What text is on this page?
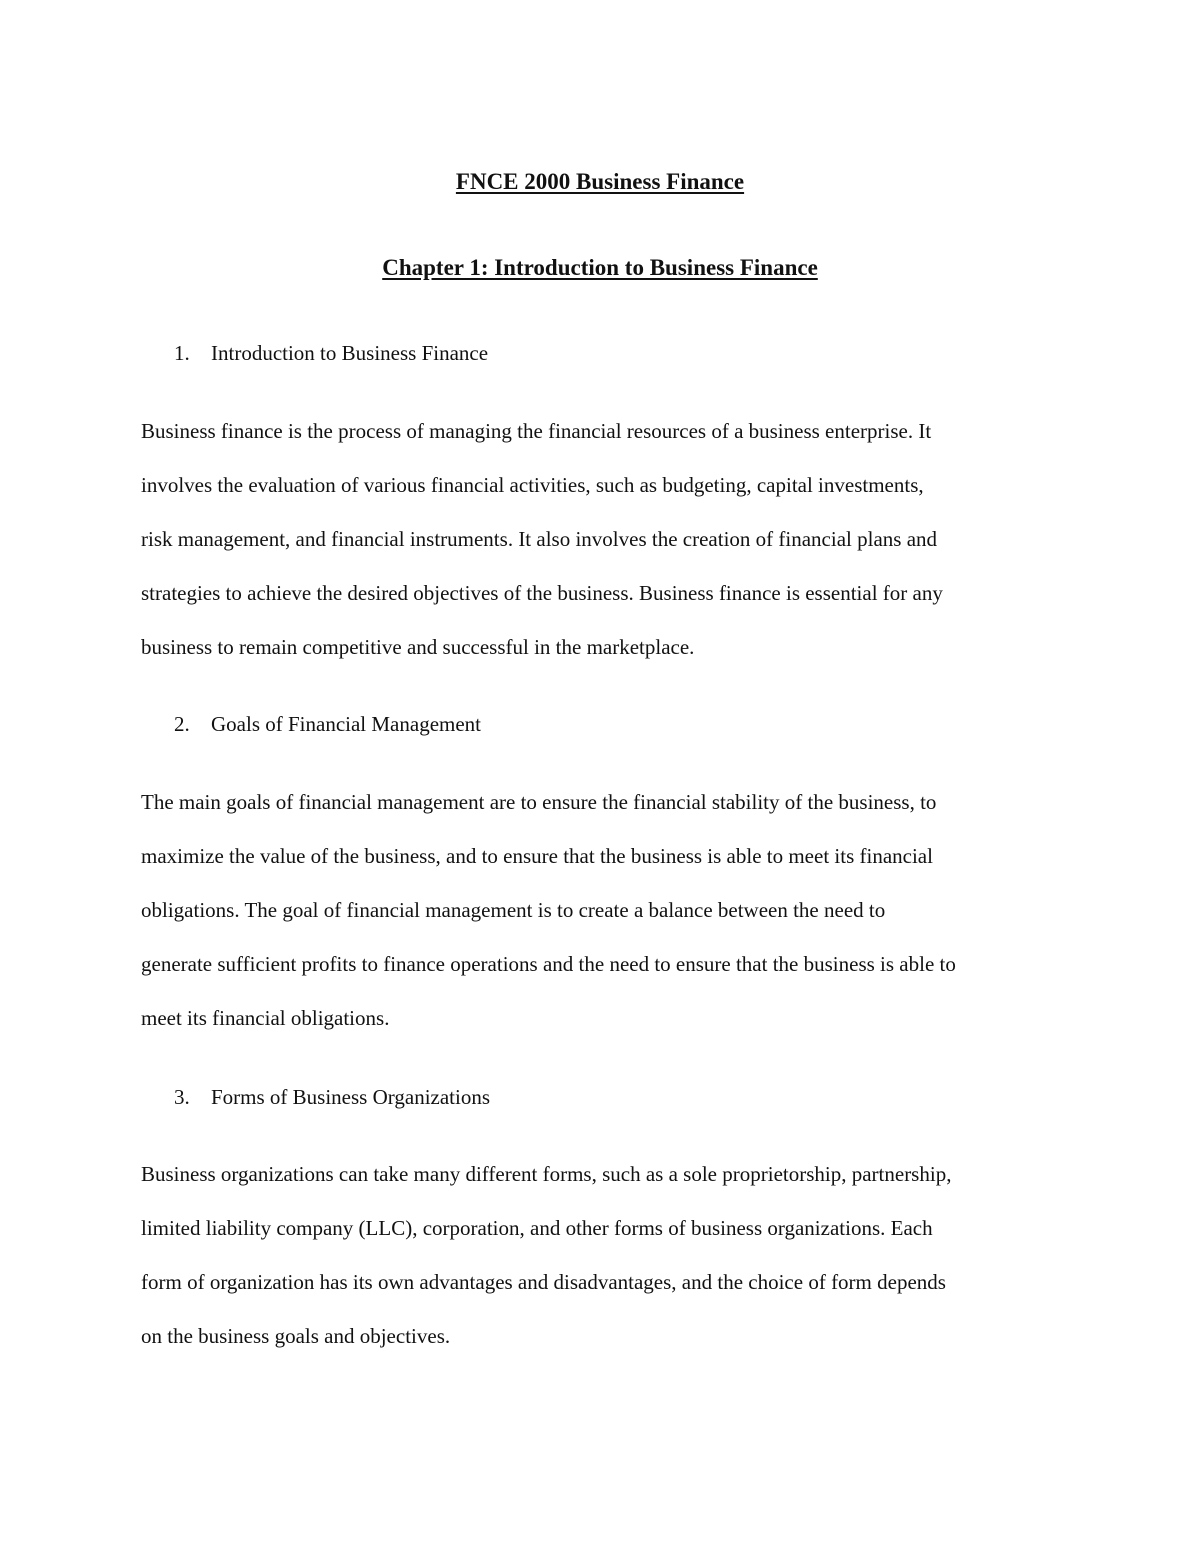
FNCE 2000 Business Finance
Chapter 1: Introduction to Business Finance
1. Introduction to Business Finance

Business finance is the process of managing the financial resources of a business enterprise. It
involves the evaluation of various financial activities, such as budgeting, capital investments,
risk management, and financial instruments. It also involves the creation of financial plans and
strategies to achieve the desired objectives of the business. Business finance is essential for any
business to remain competitive and successful in the marketplace.

2. Goals of Financial Management

The main goals of financial management are to ensure the financial stability of the business, to
maximize the value of the business, and to ensure that the business is able to meet its financial
obligations. The goal of financial management is to create a balance between the need to
generate sufficient profits to finance operations and the need to ensure that the business is able to
meet its financial obligations.

3. Forms of Business Organizations

Business organizations can take many different forms, such as a sole proprietorship, partnership,
limited liability company (LLC), corporation, and other forms of business organizations. Each
form of organization has its own advantages and disadvantages, and the choice of form depends
on the business goals and objectives.
